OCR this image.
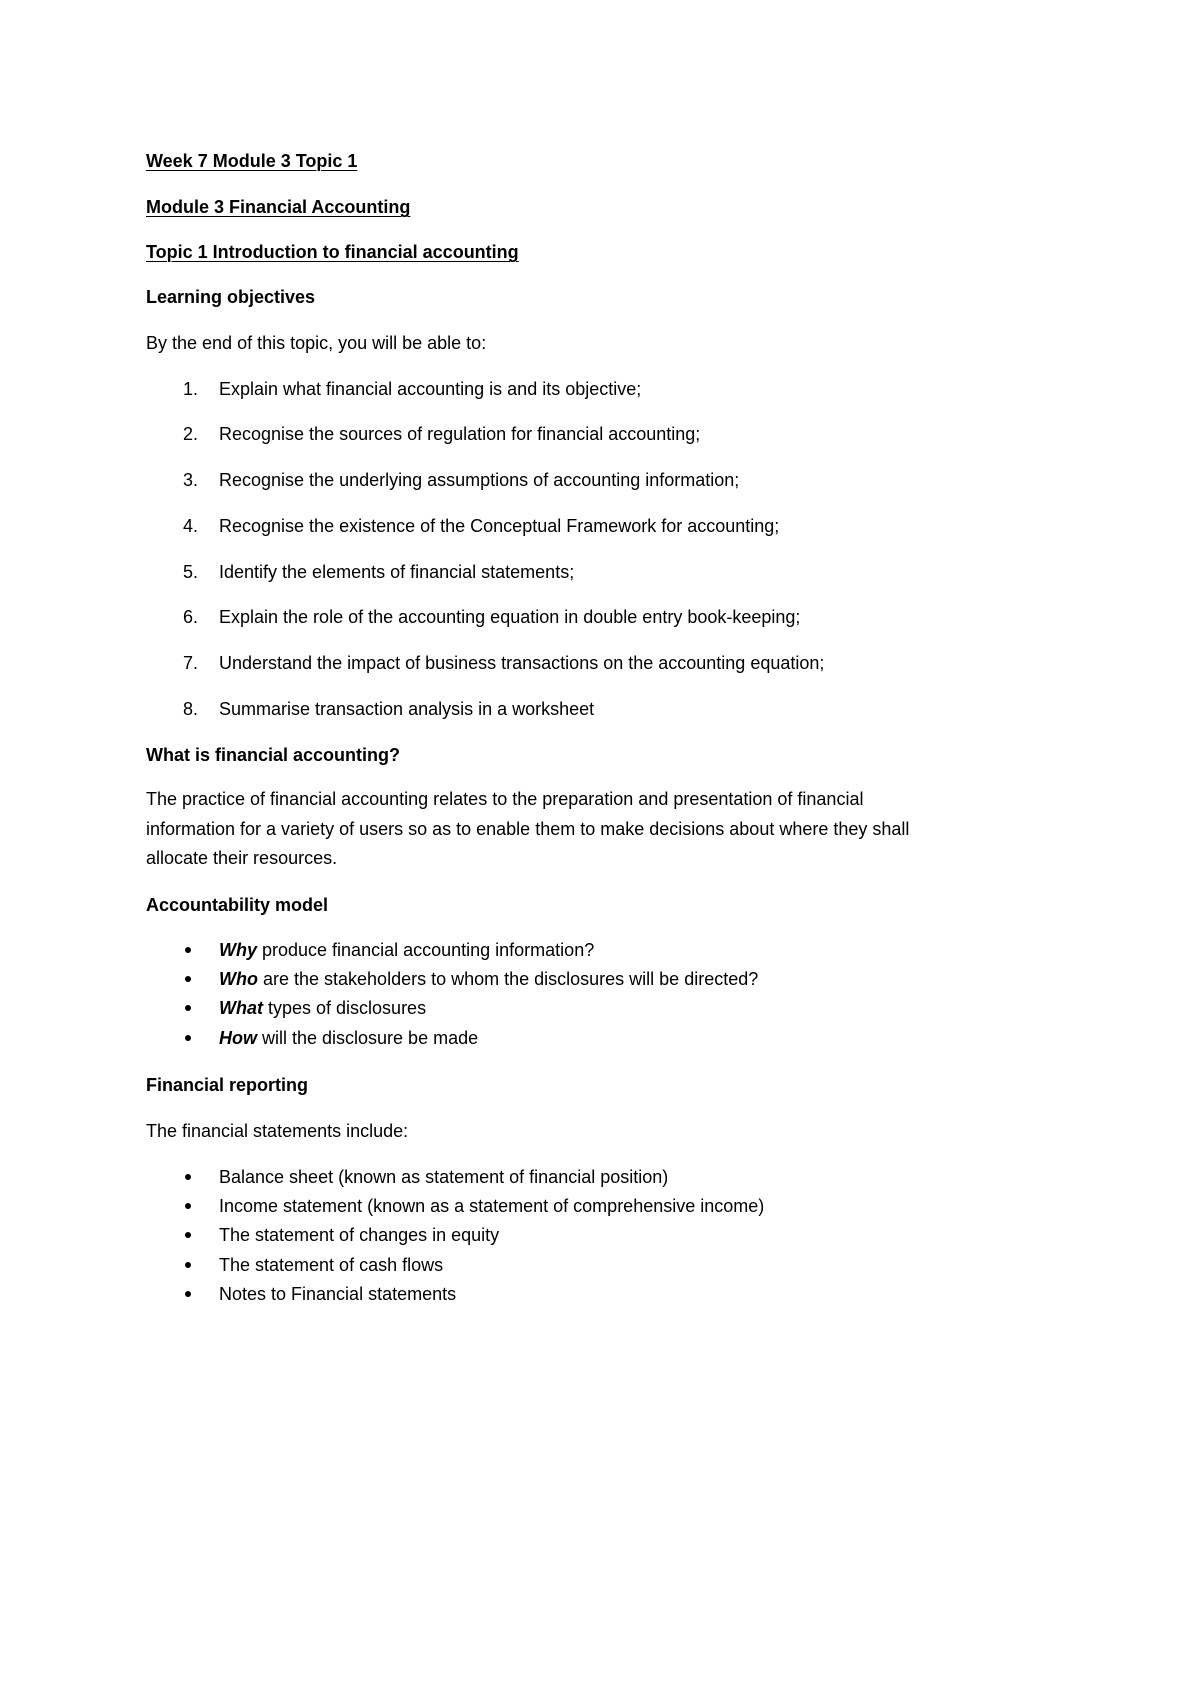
Week 7 Module 3 Topic 1

Module 3 Financial Accounting

Topic 1 Introduction to financial accounting

Learning objectives

By the end of this topic, you will be able to:

1. Explain what financial accounting is and its objective;
2. Recognise the sources of regulation for financial accounting;
3. Recognise the underlying assumptions of accounting information;
4. Recognise the existence of the Conceptual Framework for accounting;
5. Identify the elements of financial statements;
6. Explain the role of the accounting equation in double entry book-keeping;
7. Understand the impact of business transactions on the accounting equation;
8. Summarise transaction analysis in a worksheet

What is financial accounting?

The practice of financial accounting relates to the preparation and presentation of financial
information for a variety of users so as to enable them to make decisions about where they shall
allocate their resources.

Accountability model

Why produce financial accounting information?
Who are the stakeholders to whom the disclosures will be directed?
What types of disclosures
How will the disclosure be made

Financial reporting

The financial statements include:

Balance sheet (known as statement of financial position)
Income statement (known as a statement of comprehensive income)
The statement of changes in equity
The statement of cash flows
Notes to Financial statements
